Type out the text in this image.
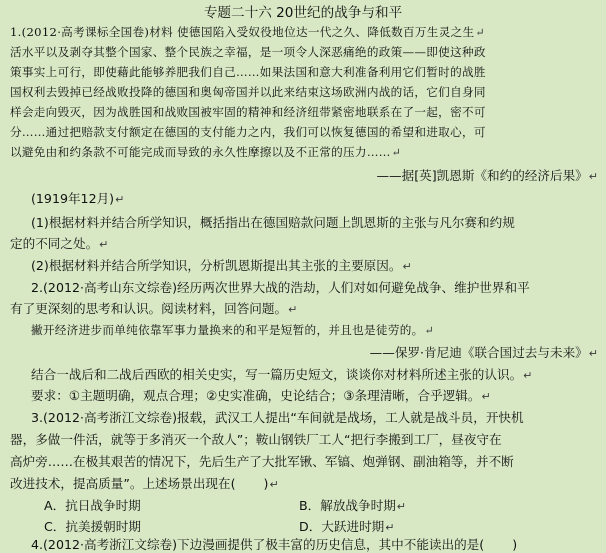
专题二十六 20世纪的战争与和平
1.(2012·高考课标全国卷)材料 使德国陷入受奴役地位达一代之久、降低数百万生灵之生↵
活水平以及剥夺其整个国家、整个民族之幸福，是一项令人深恶痛绝的政策——即使这种政
策事实上可行，即使藉此能够养肥我们自己……如果法国和意大利准备利用它们暂时的战胜
国权利去毁掉已经战败投降的德国和奥匈帝国并以此来结束这场欧洲内战的话，它们自身同
样会走向毁灭，因为战胜国和战败国被牢固的精神和经济纽带紧密地联系在了一起，密不可
分……通过把赔款支付额定在德国的支付能力之内，我们可以恢复德国的希望和进取心，可
以避免由和约条款不可能完成而导致的永久性摩擦以及不正常的压力……↵
——据[英]凯恩斯《和约的经济后果》↵
(1919年12月)↵
(1)根据材料并结合所学知识，概括指出在德国赔款问题上凯恩斯的主张与凡尔赛和约规
定的不同之处。↵
(2)根据材料并结合所学知识，分析凯恩斯提出其主张的主要原因。↵
2.(2012·高考山东文综卷)经历两次世界大战的浩劫，人们对如何避免战争、维护世界和平
有了更深刻的思考和认识。阅读材料，回答问题。↵
撇开经济进步而单纯依靠军事力量换来的和平是短暂的，并且也是徒劳的。↵
——保罗·肯尼迪《联合国过去与未来》↵
结合一战后和二战后西欧的相关史实，写一篇历史短文，谈谈你对材料所述主张的认识。↵
要求：①主题明确，观点合理；②史实准确，史论结合；③条理清晰，合乎逻辑。↵
3.(2012·高考浙江文综卷)报载，武汉工人提出“车间就是战场，工人就是战斗员，开快机
器，多做一件活，就等于多消灭一个敌人”；鞍山钢铁厂工人“把行李搬到工厂，昼夜守在
高炉旁……在极其艰苦的情况下，先后生产了大批军锹、军镐、炮弹钢、副油箱等，并不断
改进技术，提高质量”。上述场景出现在( )↵
A．抗日战争时期	B．解放战争时期↵
C．抗美援朝时期	D．大跃进时期↵
4.(2012·高考浙江文综卷)下边漫画提供了极丰富的历史信息，其中不能读出的是( )
